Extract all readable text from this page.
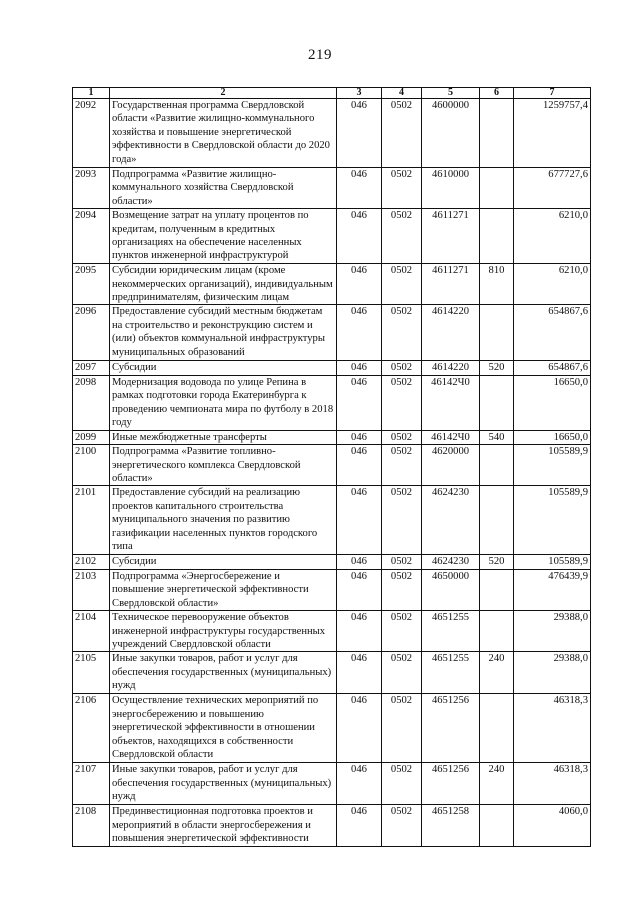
219
1	2	3	4	5	6	7
2092	Государственная программа Свердловской области «Развитие жилищно-коммунального хозяйства и повышение энергетической эффективности в Свердловской области до 2020 года»	046	0502	4600000		1259757,4
2093	Подпрограмма «Развитие жилищно-коммунального хозяйства Свердловской области»	046	0502	4610000		677727,6
2094	Возмещение затрат на уплату процентов по кредитам, полученным в кредитных организациях на обеспечение населенных пунктов инженерной инфраструктурой	046	0502	4611271		6210,0
2095	Субсидии юридическим лицам (кроме некоммерческих организаций), индивидуальным предпринимателям, физическим лицам	046	0502	4611271	810	6210,0
2096	Предоставление субсидий местным бюджетам на строительство и реконструкцию систем и (или) объектов коммунальной инфраструктуры муниципальных образований	046	0502	4614220		654867,6
2097	Субсидии	046	0502	4614220	520	654867,6
2098	Модернизация водовода по улице Репина в рамках подготовки города Екатеринбурга к проведению чемпионата мира по футболу в 2018 году	046	0502	46142Ч0		16650,0
2099	Иные межбюджетные трансферты	046	0502	46142Ч0	540	16650,0
2100	Подпрограмма «Развитие топливно-энергетического комплекса Свердловской области»	046	0502	4620000		105589,9
2101	Предоставление субсидий на реализацию проектов капитального строительства муниципального значения по развитию газификации населенных пунктов городского типа	046	0502	4624230		105589,9
2102	Субсидии	046	0502	4624230	520	105589,9
2103	Подпрограмма «Энергосбережение и повышение энергетической эффективности Свердловской области»	046	0502	4650000		476439,9
2104	Техническое перевооружение объектов инженерной инфраструктуры государственных учреждений Свердловской области	046	0502	4651255		29388,0
2105	Иные закупки товаров, работ и услуг для обеспечения государственных (муниципальных) нужд	046	0502	4651255	240	29388,0
2106	Осуществление технических мероприятий по энергосбережению и повышению энергетической эффективности в отношении объектов, находящихся в собственности Свердловской области	046	0502	4651256		46318,3
2107	Иные закупки товаров, работ и услуг для обеспечения государственных (муниципальных) нужд	046	0502	4651256	240	46318,3
2108	Прединвестиционная подготовка проектов и мероприятий в области энергосбережения и повышения энергетической эффективности	046	0502	4651258		4060,0
